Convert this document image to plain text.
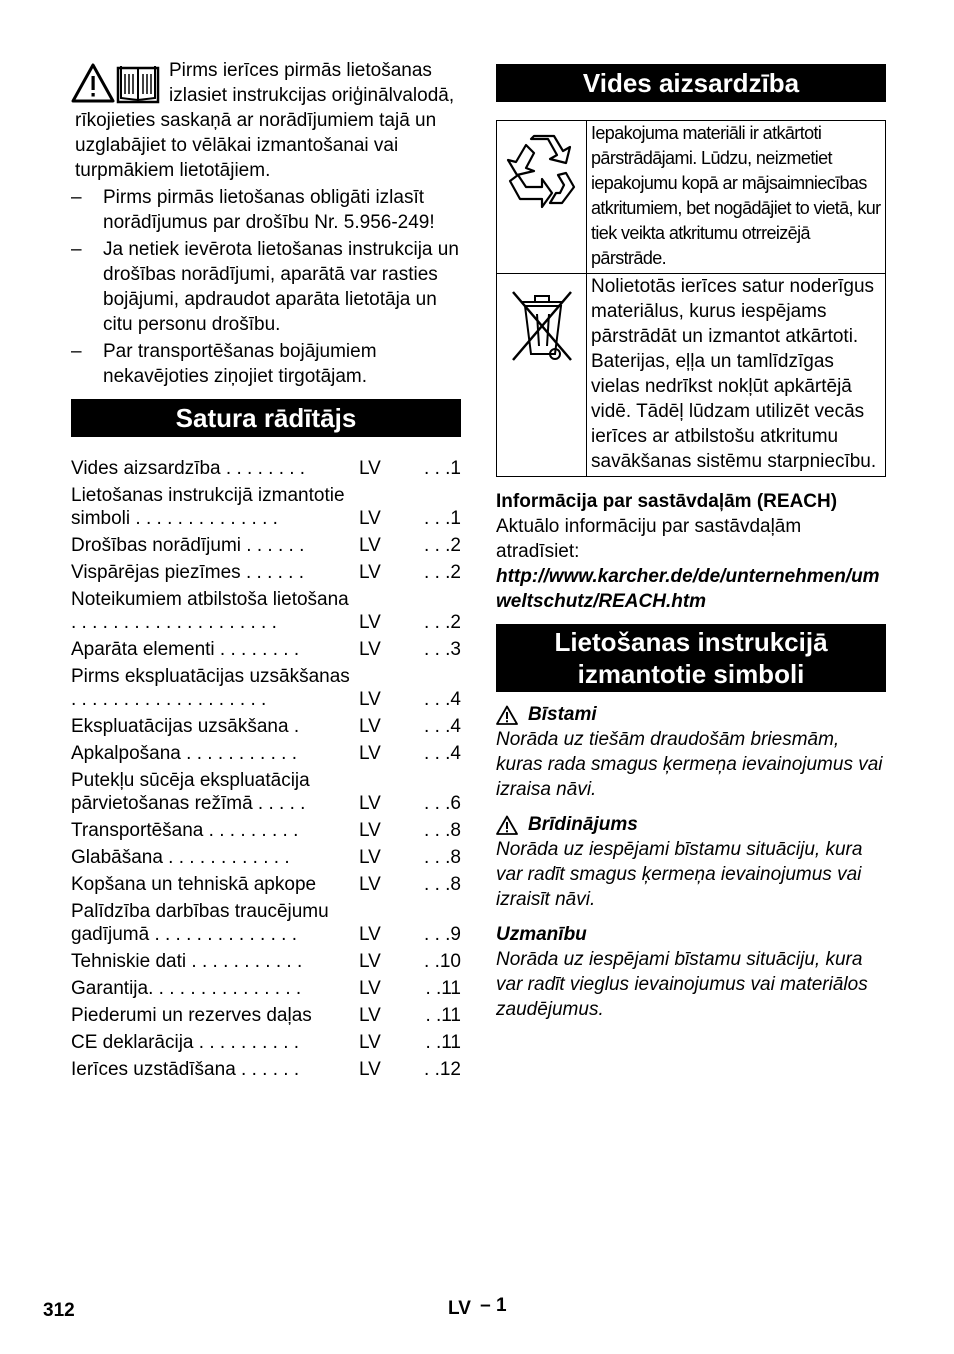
Pirms ierīces pirmās lietošanas izlasiet instrukcijas oriģinālvalodā, rīkojieties saskaņā ar norādījumiem tajā un uzglabājiet to vēlākai izmantošanai vai turpmākiem lietotājiem.

– Pirms pirmās lietošanas obligāti izlasīt norādījumus par drošību Nr. 5.956-249!
– Ja netiek ievērota lietošanas instrukcija un drošības norādījumi, aparātā var rasties bojājumi, apdraudot aparāta lietotāja un citu personu drošību.
– Par transportēšanas bojājumiem nekavējoties ziņojiet tirgotājam.
Satura rādītājs
Vides aizsardzība . . . . . . . .	LV	. . .1
Lietošanas instrukcijā izmantotie simboli . . . . . . . . . . . . . .	LV	. . .1
Drošības norādījumi . . . . . .	LV	. . .2
Vispārējas piezīmes . . . . . .	LV	. . .2
Noteikumiem atbilstoša lietošana . . . . . . . . . . . . . . . . . . . .	LV	. . .2
Aparāta elementi . . . . . . . .	LV	. . .3
Pirms ekspluatācijas uzsākšanas . . . . . . . . . . . . . . . . . . .	LV	. . .4
Ekspluatācijas uzsākšana .	LV	. . .4
Apkalpošana . . . . . . . . . . .	LV	. . .4
Putekļu sūcēja ekspluatācija pārvietošanas režīmā . . . . .	LV	. . .6
Transportēšana . . . . . . . . .	LV	. . .8
Glabāšana . . . . . . . . . . . .	LV	. . .8
Kopšana un tehniskā apkope	LV	. . .8
Palīdzība darbības traucējumu gadījumā . . . . . . . . . . . . . .	LV	. . .9
Tehniskie dati . . . . . . . . . . .	LV	. .10
Garantija. . . . . . . . . . . . . . .	LV	. .11
Piederumi un rezerves daļas	LV	. .11
CE deklarācija . . . . . . . . . .	LV	. .11
Ierīces uzstādīšana . . . . . .	LV	. .12
Vides aizsardzība
	Iepakojuma materiāli ir atkārtoti pārstrādājami. Lūdzu, neizmetiet iepakojumu kopā ar mājsaimniecības atkritumiem, bet nogādājiet to vietā, kur tiek veikta atkritumu otrreizējā pārstrāde.
	Nolietotās ierīces satur noderīgus materiālus, kurus iespējams pārstrādāt un izmantot atkārtoti. Baterijas, eļļa un tamlīdzīgas vielas nedrīkst nokļūt apkārtējā vidē. Tādēļ lūdzam utilizēt vecās ierīces ar atbilstošu atkritumu savākšanas sistēmu starpniecību.

Informācija par sastāvdaļām (REACH)

Aktuālo informāciju par sastāvdaļām atradīsiet:

http://www.karcher.de/de/unternehmen/umweltschutz/REACH.htm

Lietošanas instrukcijā izmantotie simboli
Bīstami

Norāda uz tiešām draudošām briesmām, kuras rada smagus ķermeņa ievainojumus vai izraisa nāvi.

Brīdinājums

Norāda uz iespējami bīstamu situāciju, kura var radīt smagus ķermeņa ievainojumus vai izraisīt nāvi.

Uzmanību

Norāda uz iespējami bīstamu situāciju, kura var radīt vieglus ievainojumus vai materiālos zaudējumus.

312	LV – 1
